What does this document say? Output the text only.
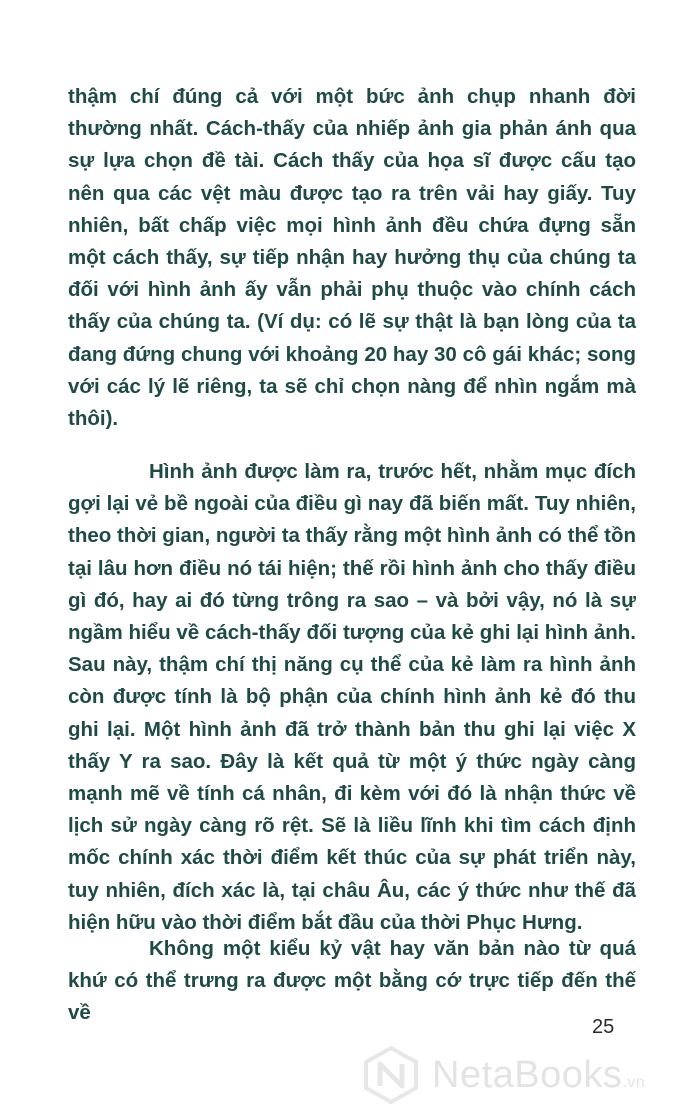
thậm chí đúng cả với một bức ảnh chụp nhanh đời thường nhất. Cách-thấy của nhiếp ảnh gia phản ánh qua sự lựa chọn đề tài. Cách thấy của họa sĩ được cấu tạo nên qua các vệt màu được tạo ra trên vải hay giấy. Tuy nhiên, bất chấp việc mọi hình ảnh đều chứa đựng sẵn một cách thấy, sự tiếp nhận hay hưởng thụ của chúng ta đối với hình ảnh ấy vẫn phải phụ thuộc vào chính cách thấy của chúng ta. (Ví dụ: có lẽ sự thật là bạn lòng của ta đang đứng chung với khoảng 20 hay 30 cô gái khác; song với các lý lẽ riêng, ta sẽ chỉ chọn nàng để nhìn ngắm mà thôi).

Hình ảnh được làm ra, trước hết, nhằm mục đích gợi lại vẻ bề ngoài của điều gì nay đã biến mất. Tuy nhiên, theo thời gian, người ta thấy rằng một hình ảnh có thể tồn tại lâu hơn điều nó tái hiện; thế rồi hình ảnh cho thấy điều gì đó, hay ai đó từng trông ra sao – và bởi vậy, nó là sự ngầm hiểu về cách-thấy đối tượng của kẻ ghi lại hình ảnh. Sau này, thậm chí thị năng cụ thể của kẻ làm ra hình ảnh còn được tính là bộ phận của chính hình ảnh kẻ đó thu ghi lại. Một hình ảnh đã trở thành bản thu ghi lại việc X thấy Y ra sao. Đây là kết quả từ một ý thức ngày càng mạnh mẽ về tính cá nhân, đi kèm với đó là nhận thức về lịch sử ngày càng rõ rệt. Sẽ là liều lĩnh khi tìm cách định mốc chính xác thời điểm kết thúc của sự phát triển này, tuy nhiên, đích xác là, tại châu Âu, các ý thức như thế đã hiện hữu vào thời điểm bắt đầu của thời Phục Hưng.

Không một kiểu kỷ vật hay văn bản nào từ quá khứ có thể trưng ra được một bằng cớ trực tiếp đến thế về

25
NetaBooks.vn
